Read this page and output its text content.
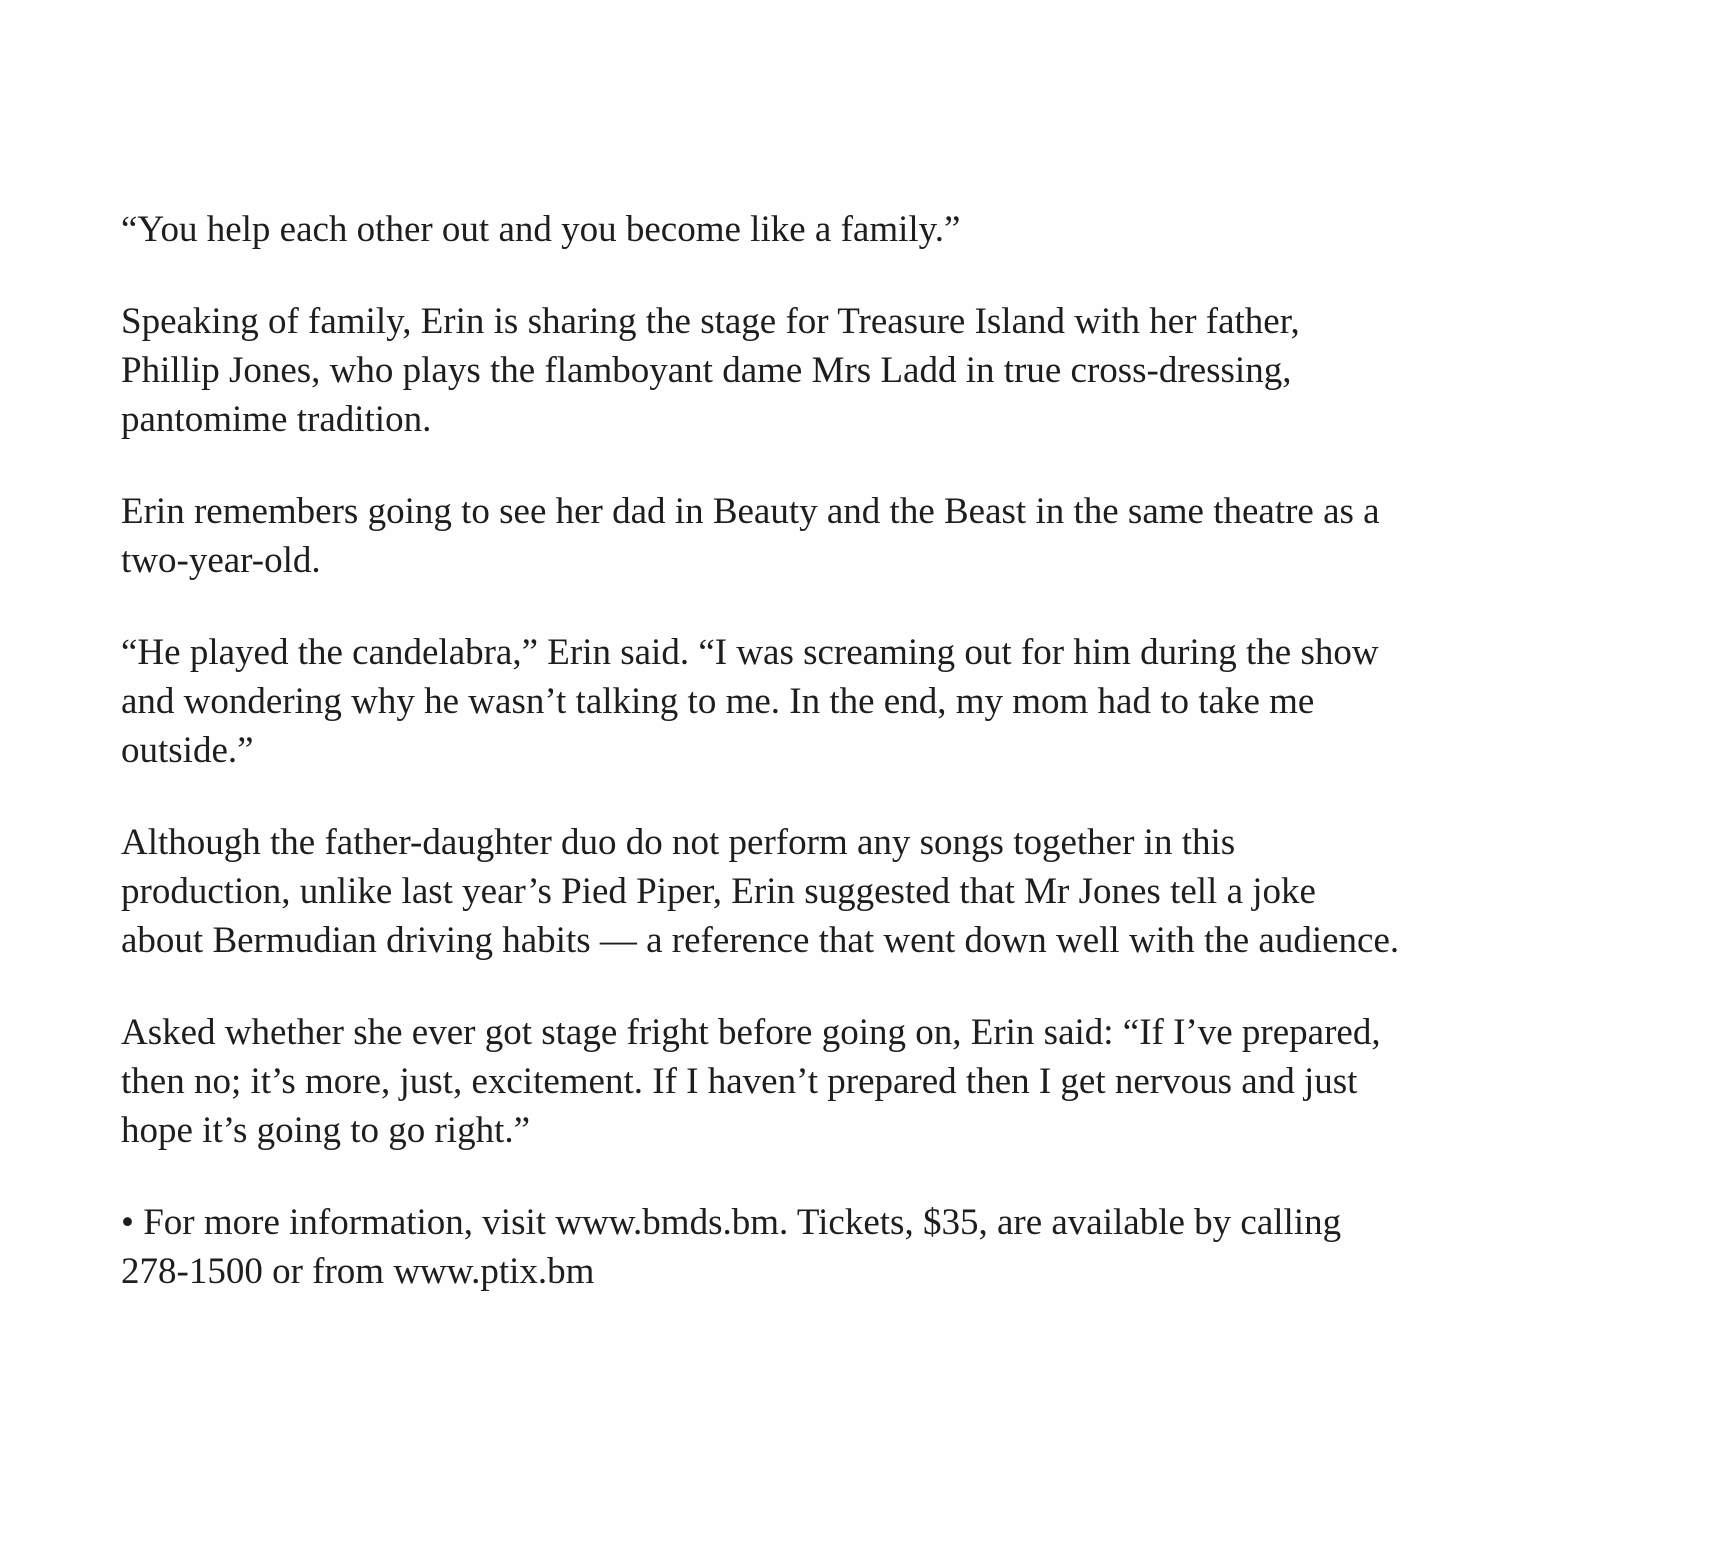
“You help each other out and you become like a family.”

Speaking of family, Erin is sharing the stage for Treasure Island with her father,
Phillip Jones, who plays the flamboyant dame Mrs Ladd in true cross-dressing,
pantomime tradition.

Erin remembers going to see her dad in Beauty and the Beast in the same theatre as a
two-year-old.

“He played the candelabra,” Erin said. “I was screaming out for him during the show
and wondering why he wasn’t talking to me. In the end, my mom had to take me
outside.”

Although the father-daughter duo do not perform any songs together in this
production, unlike last year’s Pied Piper, Erin suggested that Mr Jones tell a joke
about Bermudian driving habits — a reference that went down well with the audience.

Asked whether she ever got stage fright before going on, Erin said: “If I’ve prepared,
then no; it’s more, just, excitement. If I haven’t prepared then I get nervous and just
hope it’s going to go right.”

• For more information, visit www.bmds.bm. Tickets, $35, are available by calling
278-1500 or from www.ptix.bm
